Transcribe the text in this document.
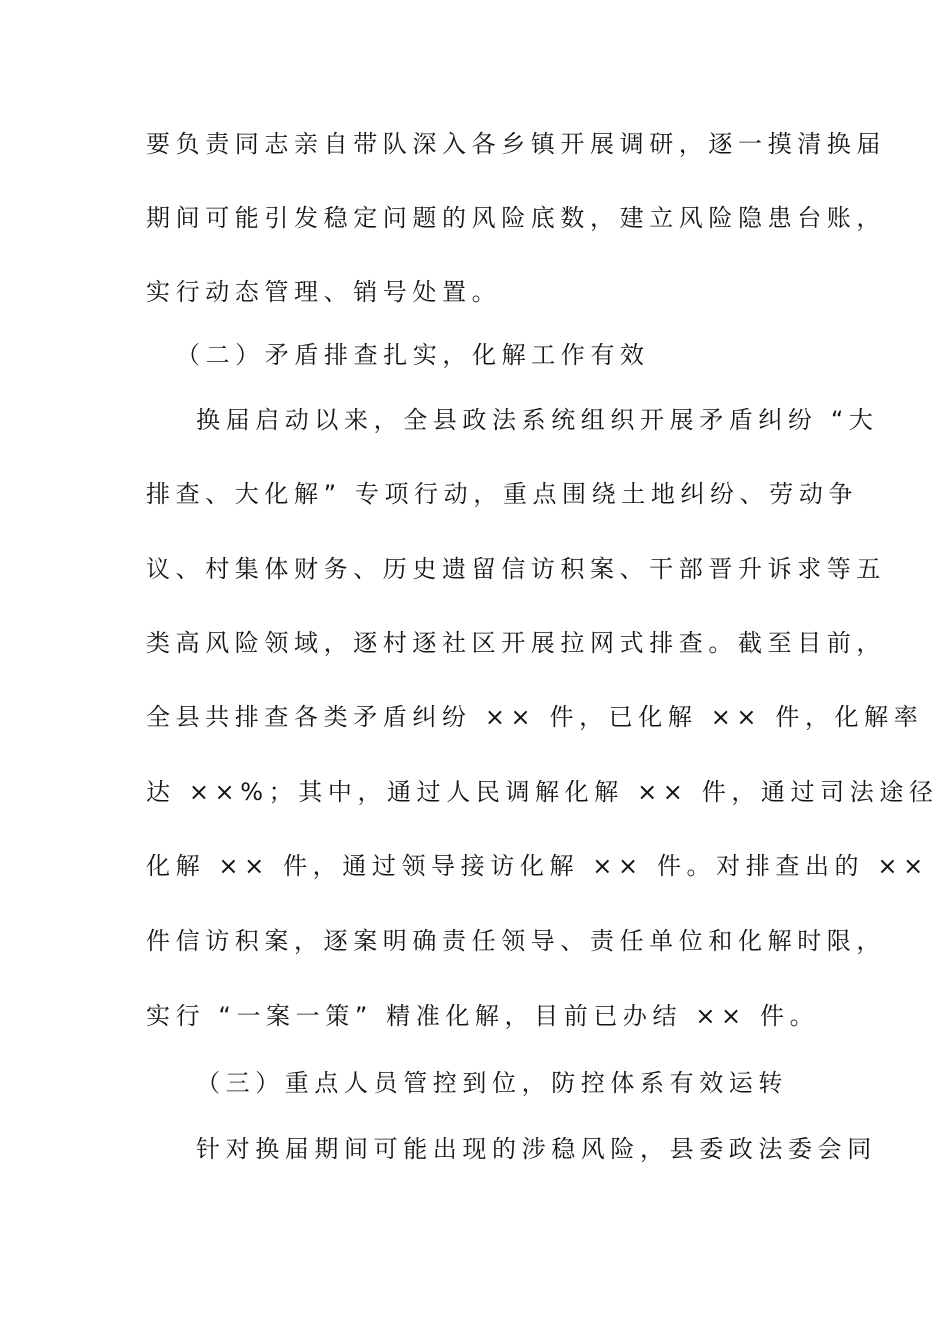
要负责同志亲自带队深入各乡镇开展调研，逐一摸清换届
期间可能引发稳定问题的风险底数，建立风险隐患台账，
实行动态管理、销号处置。
（二）矛盾排查扎实，化解工作有效
换届启动以来，全县政法系统组织开展矛盾纠纷 “大
排查、大化解” 专项行动，重点围绕土地纠纷、劳动争
议、村集体财务、历史遗留信访积案、干部晋升诉求等五
类高风险领域，逐村逐社区开展拉网式排查。截至目前，
全县共排查各类矛盾纠纷 ×× 件，已化解 ×× 件，化解率
达 ××%；其中，通过人民调解化解 ×× 件，通过司法途径
化解 ×× 件，通过领导接访化解 ×× 件。对排查出的 ××
件信访积案，逐案明确责任领导、责任单位和化解时限，
实行 “一案一策” 精准化解，目前已办结 ×× 件。
（三）重点人员管控到位，防控体系有效运转
针对换届期间可能出现的涉稳风险，县委政法委会同
